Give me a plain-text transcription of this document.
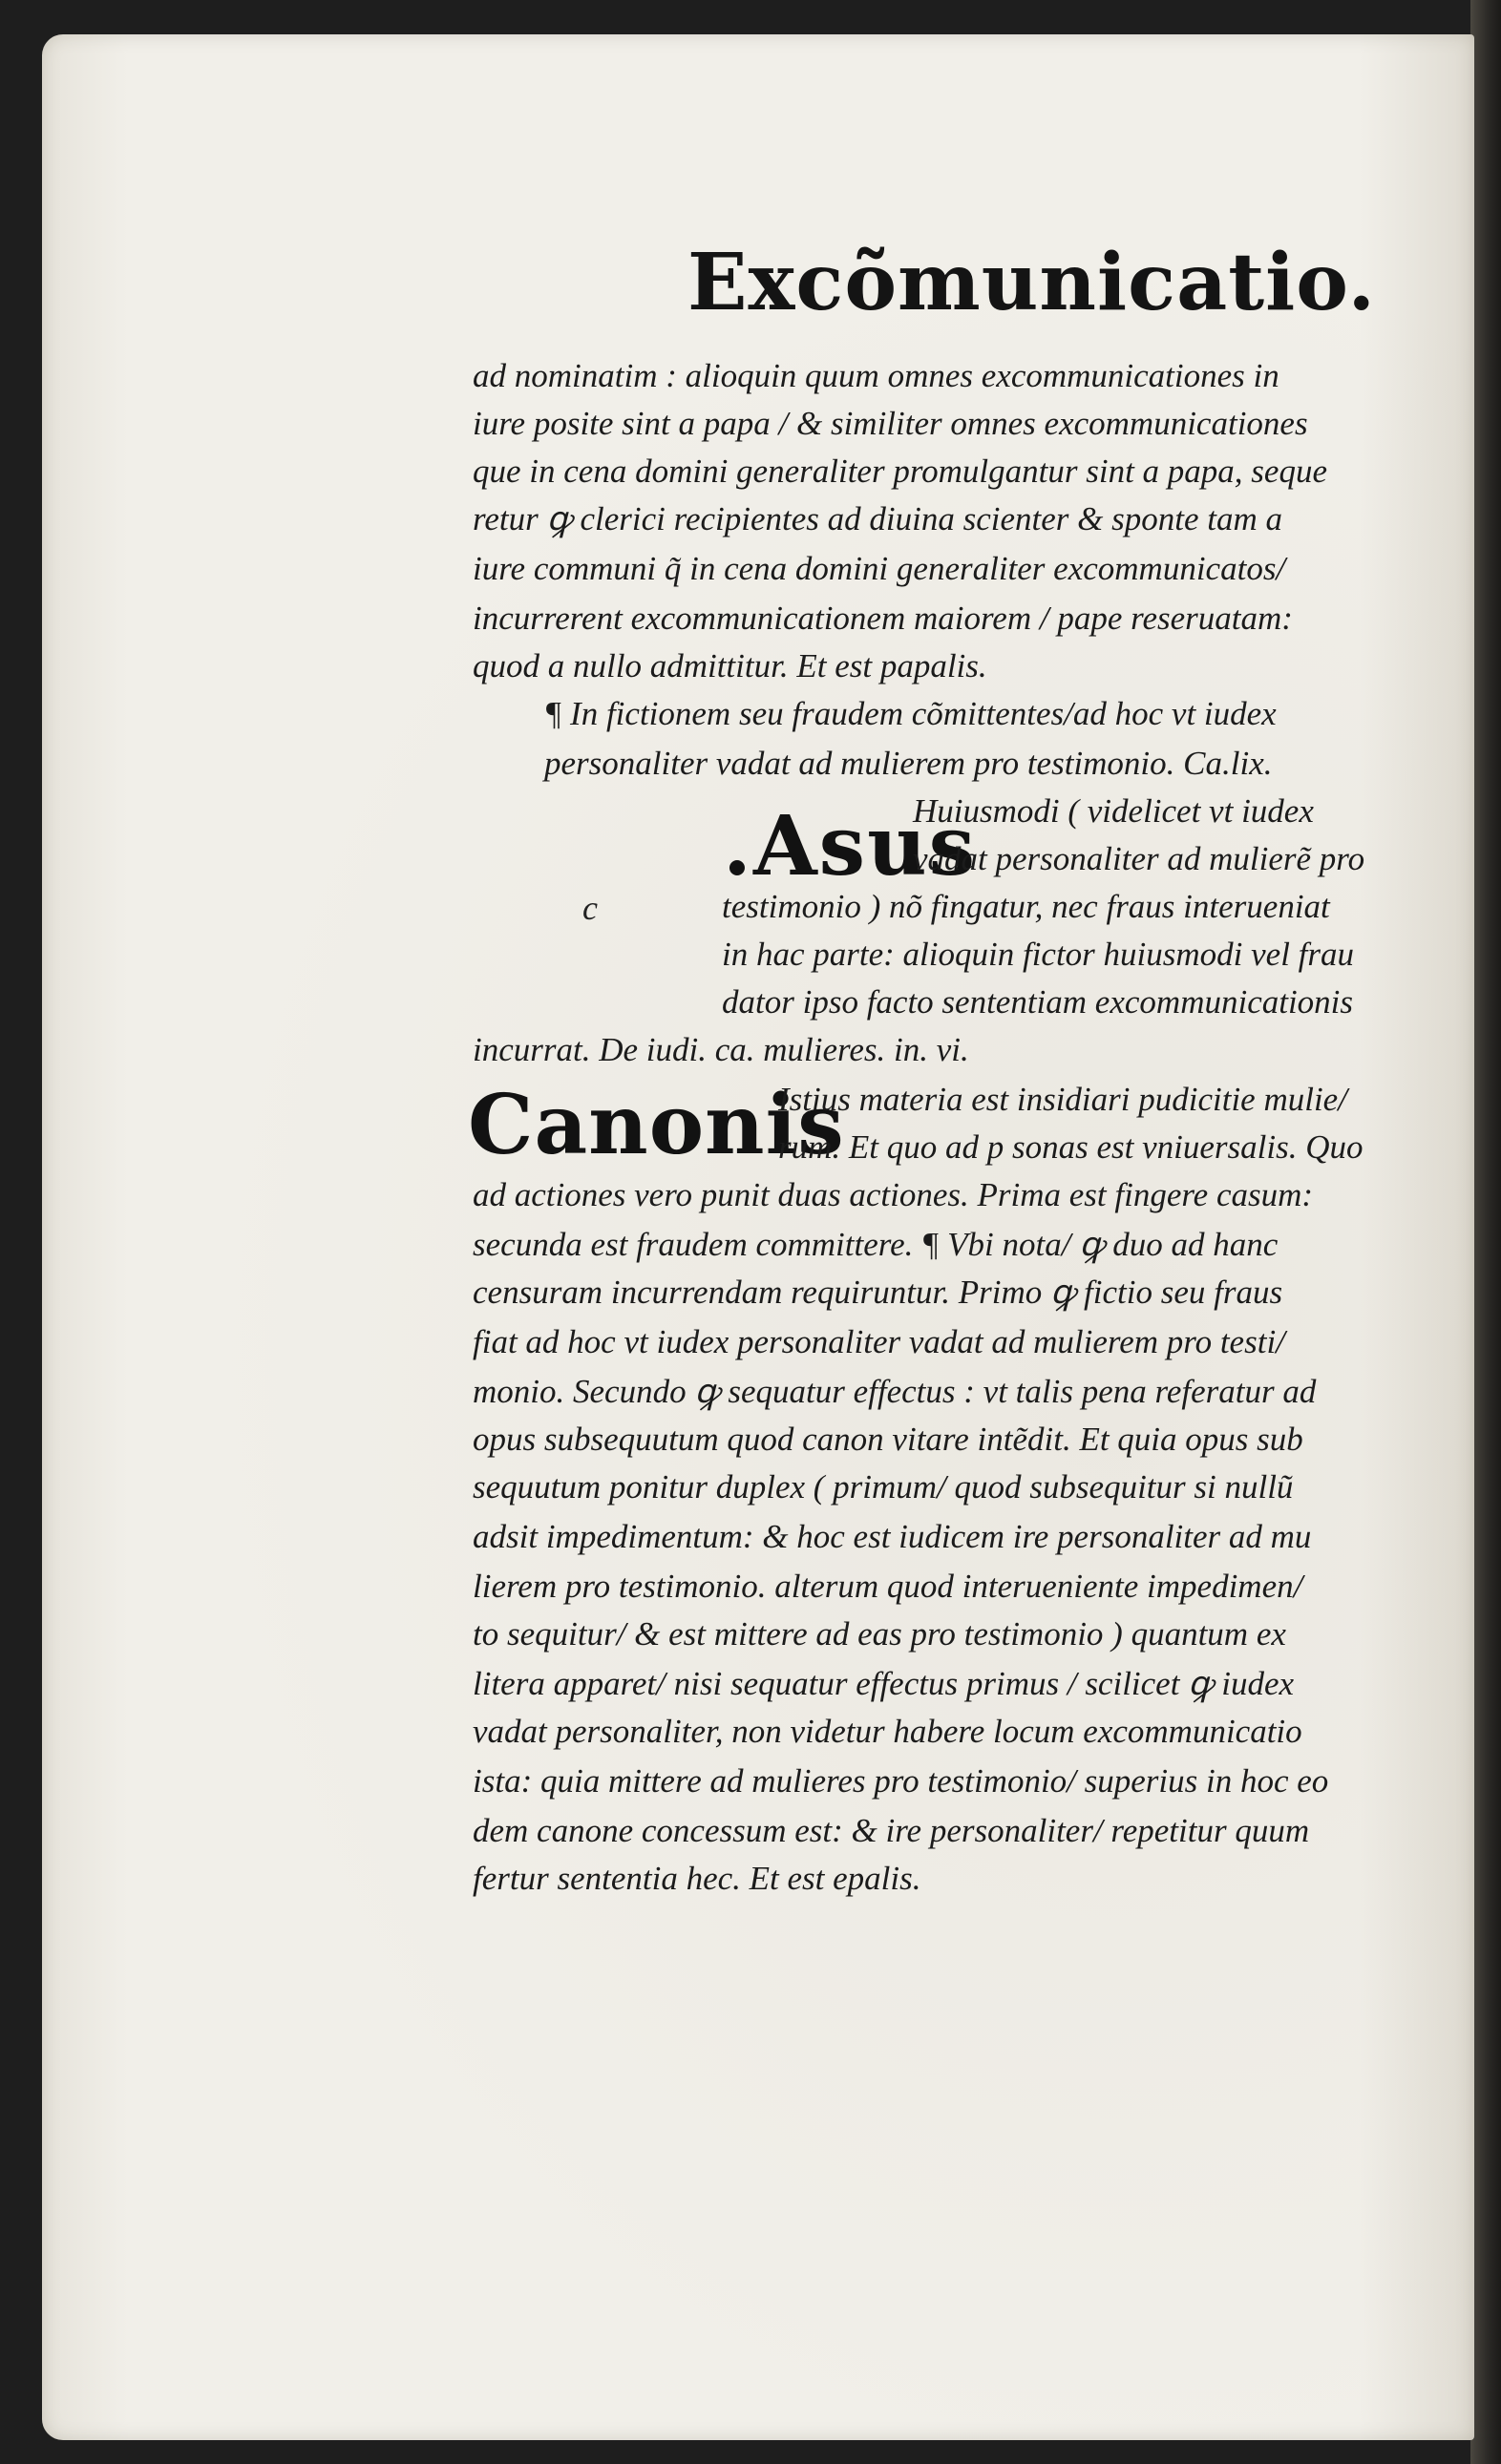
Excõmunicatio.
ad nominatim : alioquin quum omnes excommunicationes in
iure posite sint a papa / & similiter omnes excommunicationes
que in cena domini generaliter promulgantur sint a papa, seque
retur ꝙ clerici recipientes ad diuina scienter & sponte tam a
iure communi q̃ in cena domini generaliter excommunicatos/
incurrerent excommunicationem maiorem / pape reseruatam:
quod a nullo admittitur. Et est papalis.
¶ In fictionem seu fraudem cõmittentes/ad hoc vt iudex
personaliter vadat ad mulierem pro testimonio. Ca.lix.
.Asus
Huiusmodi ( videlicet vt iudex
vadat personaliter ad mulierẽ pro
c	testimonio ) nõ fingatur, nec fraus interueniat
in hac parte: alioquin fictor huiusmodi vel frau
dator ipso facto sententiam excommunicationis
incurrat. De iudi. ca. mulieres. in. vi.
Canonis
Istius materia est insidiari pudicitie mulie/
rum. Et quo ad p sonas est vniuersalis. Quo
ad actiones vero punit duas actiones. Prima est fingere casum:
secunda est fraudem committere. ¶ Vbi nota/ ꝙ duo ad hanc
censuram incurrendam requiruntur. Primo ꝙ fictio seu fraus
fiat ad hoc vt iudex personaliter vadat ad mulierem pro testi/
monio. Secundo ꝙ sequatur effectus : vt talis pena referatur ad
opus subsequutum quod canon vitare intẽdit. Et quia opus sub
sequutum ponitur duplex ( primum/ quod subsequitur si nullũ
adsit impedimentum: & hoc est iudicem ire personaliter ad mu
lierem pro testimonio. alterum quod interueniente impedimen/
to sequitur/ & est mittere ad eas pro testimonio ) quantum ex
litera apparet/ nisi sequatur effectus primus / scilicet ꝙ iudex
vadat personaliter, non videtur habere locum excommunicatio
ista: quia mittere ad mulieres pro testimonio/ superius in hoc eo
dem canone concessum est: & ire personaliter/ repetitur quum
fertur sententia hec. Et est epalis.
